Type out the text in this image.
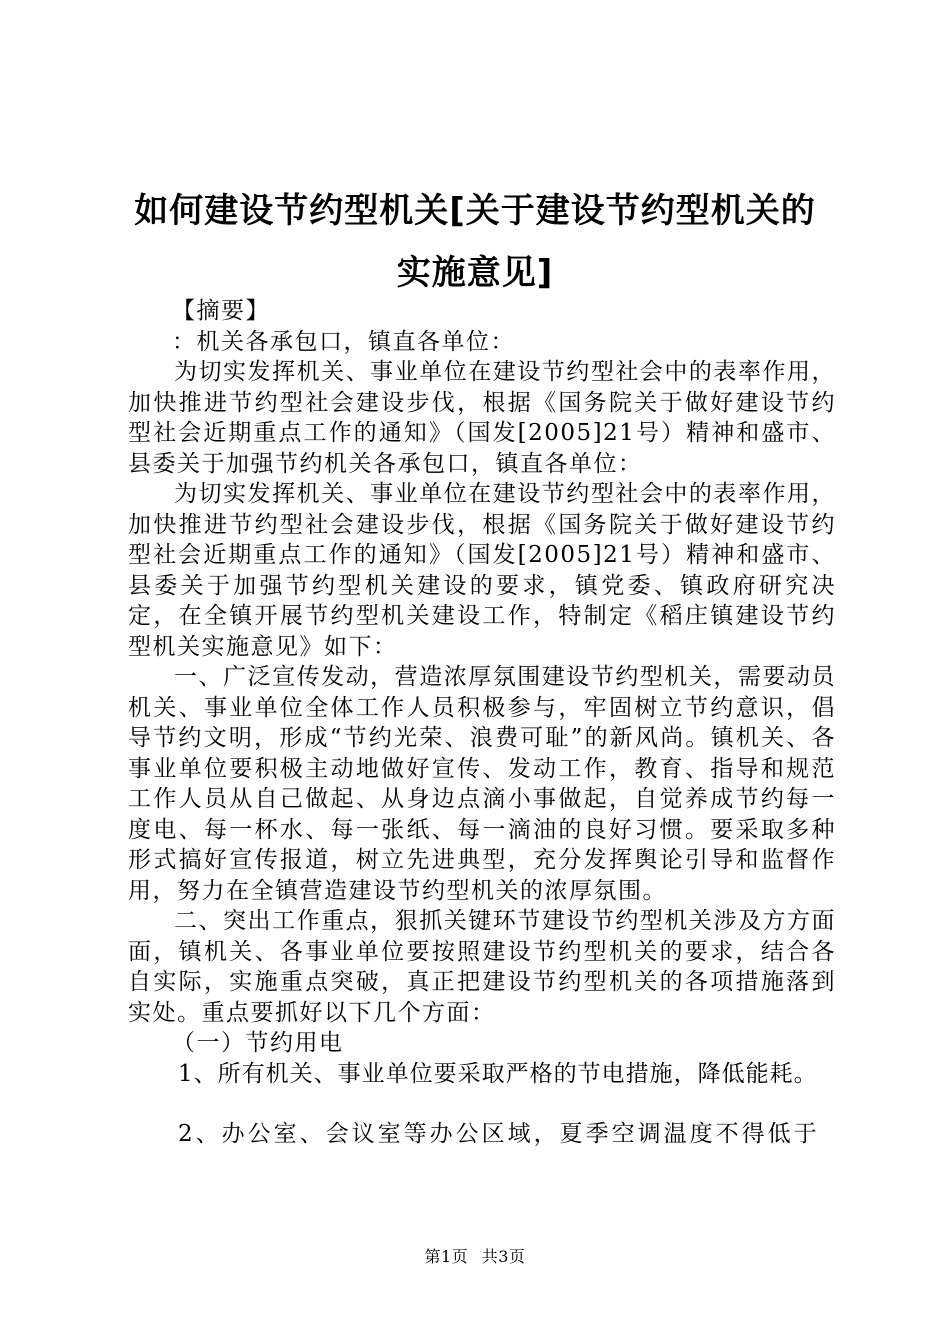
如何建设节约型机关[关于建设节约型机关的实施意见]

【摘要】

：机关各承包口，镇直各单位：

为切实发挥机关、事业单位在建设节约型社会中的表率作用，加快推进节约型社会建设步伐，根据《国务院关于做好建设节约型社会近期重点工作的通知》（国发[2005]21号）精神和盛市、县委关于加强节约机关各承包口，镇直各单位：

为切实发挥机关、事业单位在建设节约型社会中的表率作用，加快推进节约型社会建设步伐，根据《国务院关于做好建设节约型社会近期重点工作的通知》（国发[2005]21号）精神和盛市、县委关于加强节约型机关建设的要求，镇党委、镇政府研究决定，在全镇开展节约型机关建设工作，特制定《稻庄镇建设节约型机关实施意见》如下：

一、广泛宣传发动，营造浓厚氛围建设节约型机关，需要动员机关、事业单位全体工作人员积极参与，牢固树立节约意识，倡导节约文明，形成“节约光荣、浪费可耻”的新风尚。镇机关、各事业单位要积极主动地做好宣传、发动工作，教育、指导和规范工作人员从自己做起、从身边点滴小事做起，自觉养成节约每一度电、每一杯水、每一张纸、每一滴油的良好习惯。要采取多种形式搞好宣传报道，树立先进典型，充分发挥舆论引导和监督作用，努力在全镇营造建设节约型机关的浓厚氛围。

二、突出工作重点，狠抓关键环节建设节约型机关涉及方方面面，镇机关、各事业单位要按照建设节约型机关的要求，结合各自实际，实施重点突破，真正把建设节约型机关的各项措施落到实处。重点要抓好以下几个方面：

（一）节约用电

1、所有机关、事业单位要采取严格的节电措施，降低能耗。

2、办公室、会议室等办公区域，夏季空调温度不得低于

第1页 共3页
